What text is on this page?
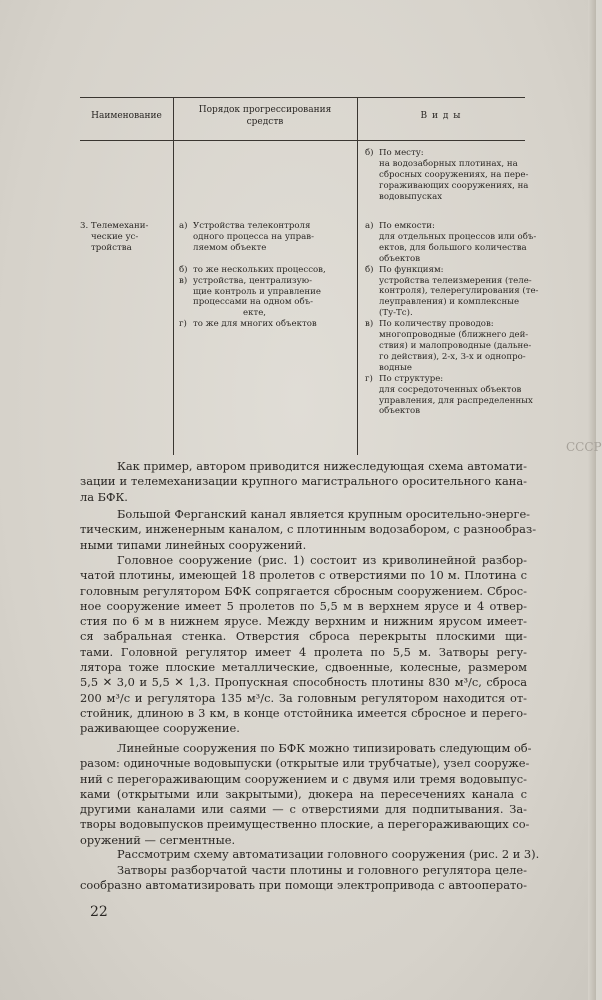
Наименование
Порядок прогрессирования
средств
В и д ы
б) По месту:
на водозаборных плотинах, на
сбросных сооружениях, на пере-
гораживающих сооружениях, на
водовыпусках
3. Телемехани-
ческие ус-
тройства
а) Устройства телеконтроля
одного процесса на управ-
ляемом объекте
б) то же нескольких процессов,
в) устройства, централизую-
щие контроль и управление
процессами на одном объ-
екте,
г) то же для многих объектов
а) По емкости:
для отдельных процессов или объ-
ектов, для большого количества
объектов
б) По функциям:
устройства телеизмерения (теле-
контроля), телерегулирования (те-
леуправления) и комплексные
(Ту-Тс).
в) По количеству проводов:
многопроводные (ближнего дей-
ствия) и малопроводные (дальне-
го действия), 2-х, 3-х и однопро-
водные
г) По структуре:
для сосредоточенных объектов
управления, для распределенных
объектов
СССР
Как пример, автором приводится нижеследующая схема автомати-
зации и телемеханизации крупного магистрального оросительного кана-
ла БФК.
Большой Ферганский канал является крупным оросительно-энерге-
тическим, инженерным каналом, с плотинным водозабором, с разнообраз-
ными типами линейных сооружений.
Головное сооружение (рис. 1) состоит из криволинейной разбор-
чатой плотины, имеющей 18 пролетов с отверстиями по 10 м. Плотина с
головным регулятором БФК сопрягается сбросным сооружением. Сброс-
ное сооружение имеет 5 пролетов по 5,5 м в верхнем ярусе и 4 отвер-
стия по 6 м в нижнем ярусе. Между верхним и нижним ярусом имеет-
ся забральная стенка. Отверстия сброса перекрыты плоскими щи-
тами. Головной регулятор имеет 4 пролета по 5,5 м. Затворы регу-
лятора тоже плоские металлические, сдвоенные, колесные, размером
5,5 ✕ 3,0 и 5,5 ✕ 1,3. Пропускная способность плотины 830 м³/с, сброса
200 м³/с и регулятора 135 м³/с. За головным регулятором находится от-
стойник, длиною в 3 км, в конце отстойника имеется сбросное и перего-
раживающее сооружение.
Линейные сооружения по БФК можно типизировать следующим об-
разом: одиночные водовыпуски (открытые или трубчатые), узел сооруже-
ний с перегораживающим сооружением и с двумя или тремя водовыпус-
ками (открытыми или закрытыми), дюкера на пересечениях канала с
другими каналами или саями — с отверстиями для подпитывания. За-
творы водовыпусков преимущественно плоские, а перегораживающих со-
оружений — сегментные.
Рассмотрим схему автоматизации головного сооружения (рис. 2 и 3).
Затворы разборчатой части плотины и головного регулятора целе-
сообразно автоматизировать при помощи электропривода с автооперато-
22
